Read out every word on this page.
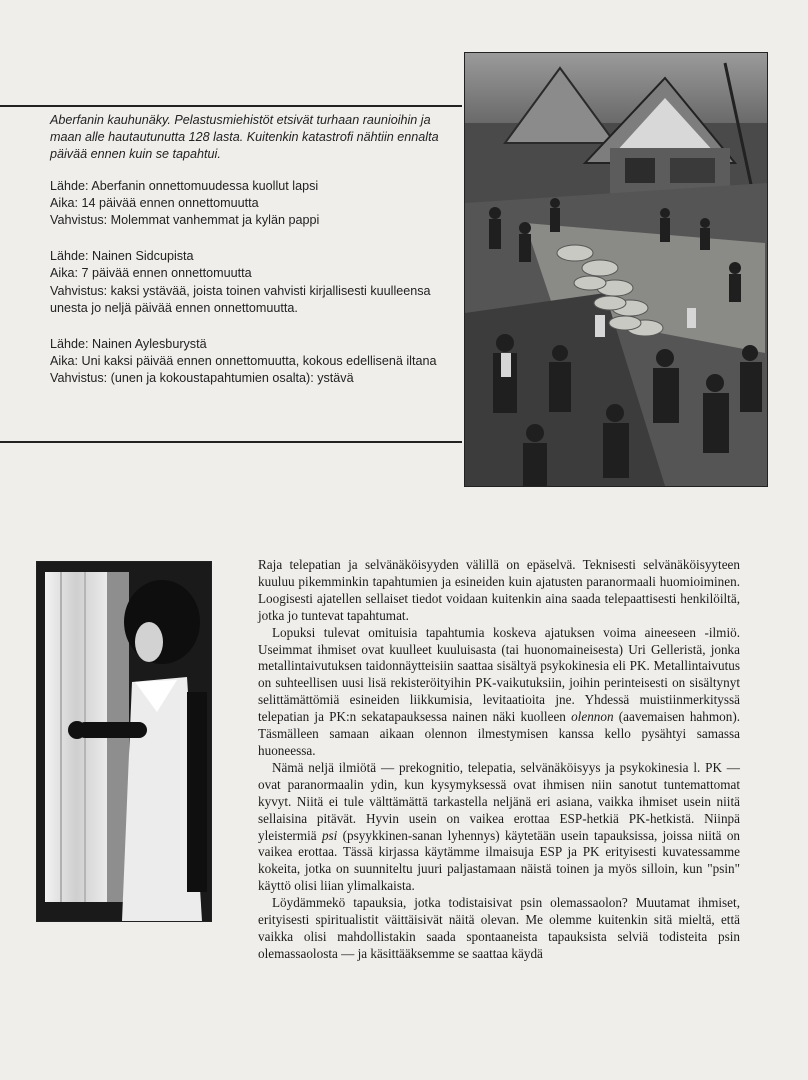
Aberfanin kauhunäky. Pelastusmiehistöt etsivät turhaan raunioihin ja maan alle hautautunutta 128 lasta. Kuitenkin katastrofi nähtiin ennalta päivää ennen kuin se tapahtui.

Lähde: Aberfanin onnettomuudessa kuollut lapsi
Aika: 14 päivää ennen onnettomuutta
Vahvistus: Molemmat vanhemmat ja kylän pappi
Lähde: Nainen Sidcupista
Aika: 7 päivää ennen onnettomuutta
Vahvistus: kaksi ystävää, joista toinen vahvisti kirjallisesti kuulleensa unesta jo neljä päivää ennen onnettomuutta.
Lähde: Nainen Aylesburystä
Aika: Uni kaksi päivää ennen onnettomuutta, kokous edellisenä iltana
Vahvistus: (unen ja kokoustapahtumien osalta): ystävä

Raja telepatian ja selvänäköisyyden välillä on epäselvä. Teknisesti selvänäköisyyteen kuuluu pikemminkin tapahtumien ja esineiden kuin ajatusten paranormaali huomioiminen. Loogisesti ajatellen sellaiset tiedot voidaan kuitenkin aina saada telepaattisesti henkilöiltä, jotka jo tuntevat tapahtumat.

Lopuksi tulevat omituisia tapahtumia koskeva ajatuksen voima aineeseen -ilmiö. Useimmat ihmiset ovat kuulleet kuuluisasta (tai huonomaineisesta) Uri Gelleristä, jonka metallintaivutuksen taidonnäytteisiin saattaa sisältyä psykokinesia eli PK. Metallintaivutus on suhteellisen uusi lisä rekisteröityihin PK-vaikutuksiin, joihin perinteisesti on sisältynyt selittämättömiä esineiden liikkumisia, levitaatioita jne. Yhdessä muistiinmerkityssä telepatian ja PK:n sekatapauksessa nainen näki kuolleen olennon (aavemaisen hahmon). Täsmälleen samaan aikaan olennon ilmestymisen kanssa kello pysähtyi samassa huoneessa.

Nämä neljä ilmiötä — prekognitio, telepatia, selvänäköisyys ja psykokinesia l. PK — ovat paranormaalin ydin, kun kysymyksessä ovat ihmisen niin sanotut tuntemattomat kyvyt. Niitä ei tule välttämättä tarkastella neljänä eri asiana, vaikka ihmiset usein niitä sellaisina pitävät. Hyvin usein on vaikea erottaa ESP-hetkiä PK-hetkistä. Niinpä yleistermiä psi (psyykkinen-sanan lyhennys) käytetään usein tapauksissa, joissa niitä on vaikea erottaa. Tässä kirjassa käytämme ilmaisuja ESP ja PK erityisesti kuvatessamme kokeita, jotka on suunniteltu juuri paljastamaan näistä toinen ja myös silloin, kun "psin" käyttö olisi liian ylimalkaista.

Löydämmekö tapauksia, jotka todistaisivat psin olemassaolon? Muutamat ihmiset, erityisesti spiritualistit väittäisivät näitä olevan. Me olemme kuitenkin sitä mieltä, että vaikka olisi mahdollistakin saada spontaaneista tapauksista selviä todisteita psin olemassaolosta — ja käsittääksemme se saattaa käydä
